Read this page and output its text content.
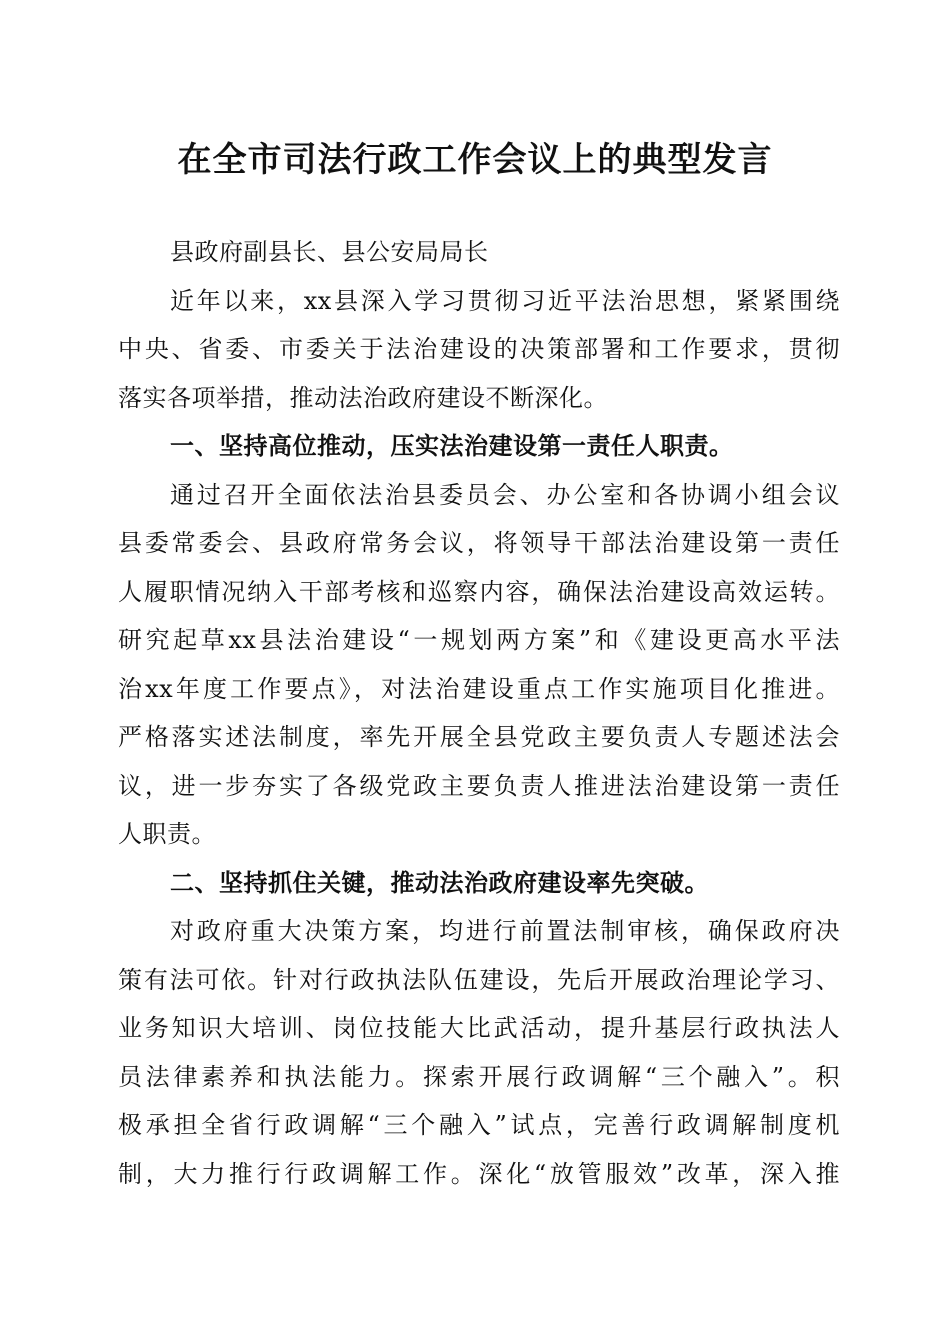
在全市司法行政工作会议上的典型发言
县政府副县长、县公安局局长
近年以来，xx县深入学习贯彻习近平法治思想，紧紧围绕
中央、省委、市委关于法治建设的决策部署和工作要求，贯彻
落实各项举措，推动法治政府建设不断深化。
一、坚持高位推动，压实法治建设第一责任人职责。
通过召开全面依法治县委员会、办公室和各协调小组会议
县委常委会、县政府常务会议，将领导干部法治建设第一责任
人履职情况纳入干部考核和巡察内容，确保法治建设高效运转。
研究起草xx县法治建设“一规划两方案”和《建设更高水平法
治xx年度工作要点》，对法治建设重点工作实施项目化推进。
严格落实述法制度，率先开展全县党政主要负责人专题述法会
议，进一步夯实了各级党政主要负责人推进法治建设第一责任
人职责。
二、坚持抓住关键，推动法治政府建设率先突破。
对政府重大决策方案，均进行前置法制审核，确保政府决
策有法可依。针对行政执法队伍建设，先后开展政治理论学习、
业务知识大培训、岗位技能大比武活动，提升基层行政执法人
员法律素养和执法能力。探索开展行政调解“三个融入”。积
极承担全省行政调解“三个融入”试点，完善行政调解制度机
制，大力推行行政调解工作。深化“放管服效”改革，深入推
